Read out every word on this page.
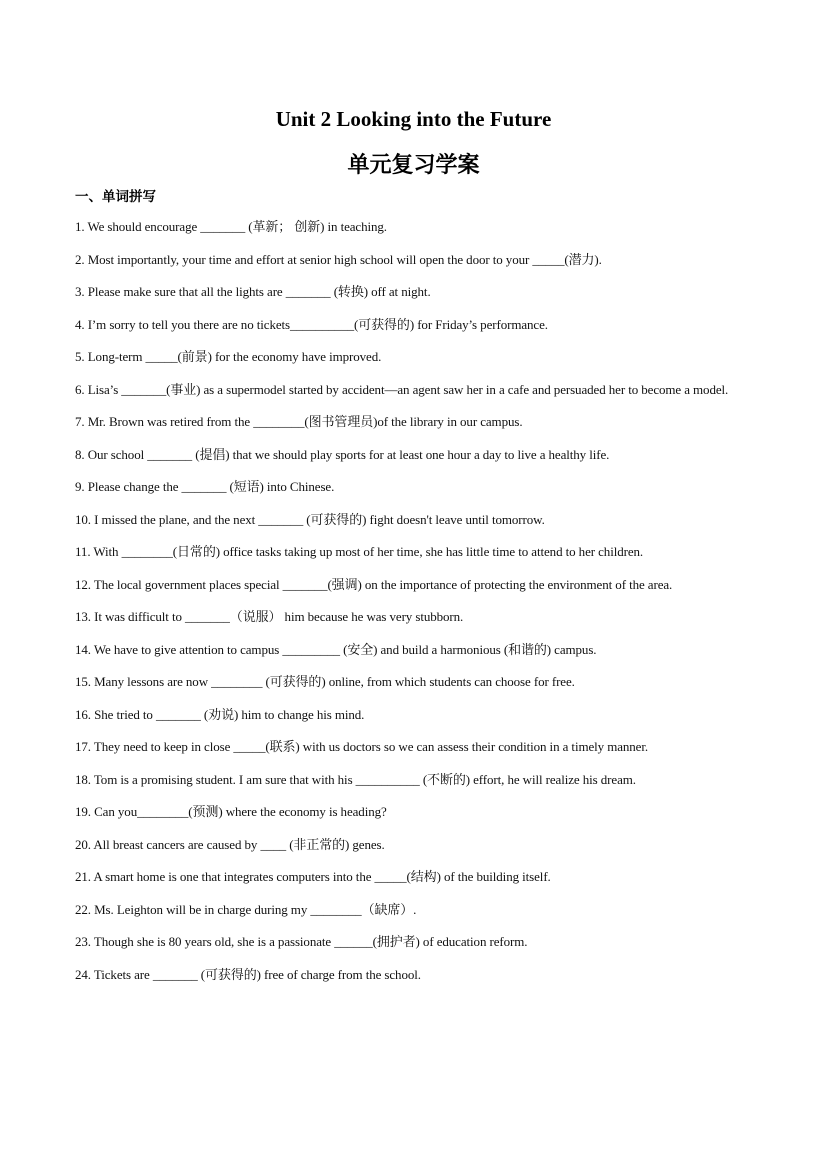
Unit 2 Looking into the Future
单元复习学案
一、单词拼写
1. We should encourage _______ (革新； 创新) in teaching.
2. Most importantly, your time and effort at senior high school will open the door to your _____(潜力).
3. Please make sure that all the lights are _______ (转换) off at night.
4. I’m sorry to tell you there are no tickets__________(可获得的) for Friday’s performance.
5. Long-term _____(前景) for the economy have improved.
6. Lisa’s _______(事业) as a supermodel started by accident—an agent saw her in a cafe and persuaded her to become a model.
7. Mr. Brown was retired from the ________(图书管理员)of the library in our campus.
8. Our school _______ (提倡) that we should play sports for at least one hour a day to live a healthy life.
9. Please change the _______ (短语) into Chinese.
10. I missed the plane, and the next _______ (可获得的) fight doesn't leave until tomorrow.
11. With ________(日常的) office tasks taking up most of her time, she has little time to attend to her children.
12. The local government places special _______(强调) on the importance of protecting the environment of the area.
13. It was difficult to _______（说服） him because he was very stubborn.
14. We have to give attention to campus _________ (安全) and build a harmonious (和谐的) campus.
15. Many lessons are now ________ (可获得的) online, from which students can choose for free.
16. She tried to _______ (劝说) him to change his mind.
17. They need to keep in close _____(联系) with us doctors so we can assess their condition in a timely manner.
18. Tom is a promising student. I am sure that with his __________ (不断的) effort, he will realize his dream.
19. Can you________(预测) where the economy is heading?
20. All breast cancers are caused by ____ (非正常的) genes.
21. A smart home is one that integrates computers into the _____(结构) of the building itself.
22. Ms. Leighton will be in charge during my ________（缺席）.
23. Though she is 80 years old, she is a passionate ______(拥护者) of education reform.
24. Tickets are _______ (可获得的) free of charge from the school.
